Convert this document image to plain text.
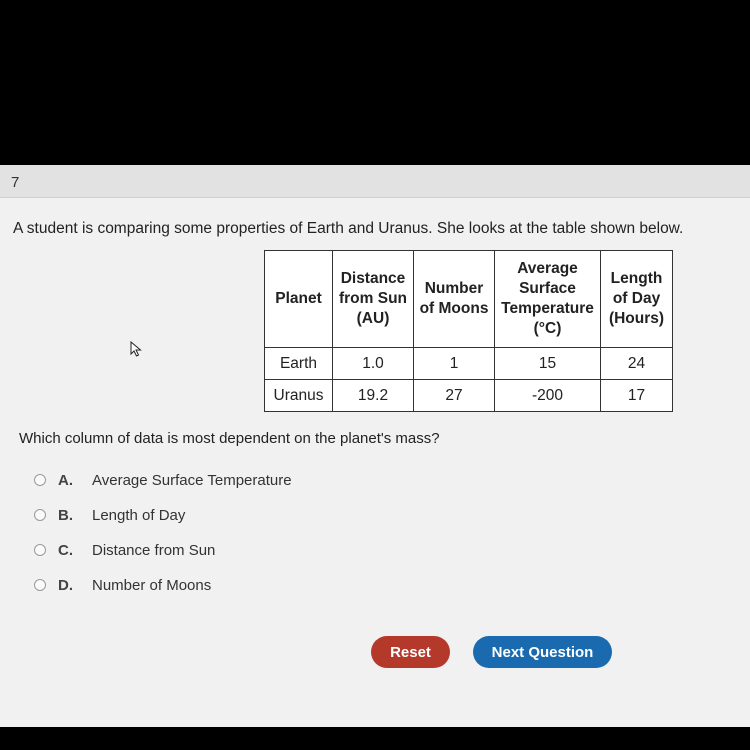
7
A student is comparing some properties of Earth and Uranus. She looks at the table shown below.
Planet	Distance
from Sun
(AU)	Number
of Moons	Average
Surface
Temperature
(°C)	Length
of Day
(Hours)
Earth	1.0	1	15	24
Uranus	19.2	27	-200	17
Which column of data is most dependent on the planet's mass?
A.	Average Surface Temperature
B.	Length of Day
C.	Distance from Sun
D.	Number of Moons
Reset	Next Question
